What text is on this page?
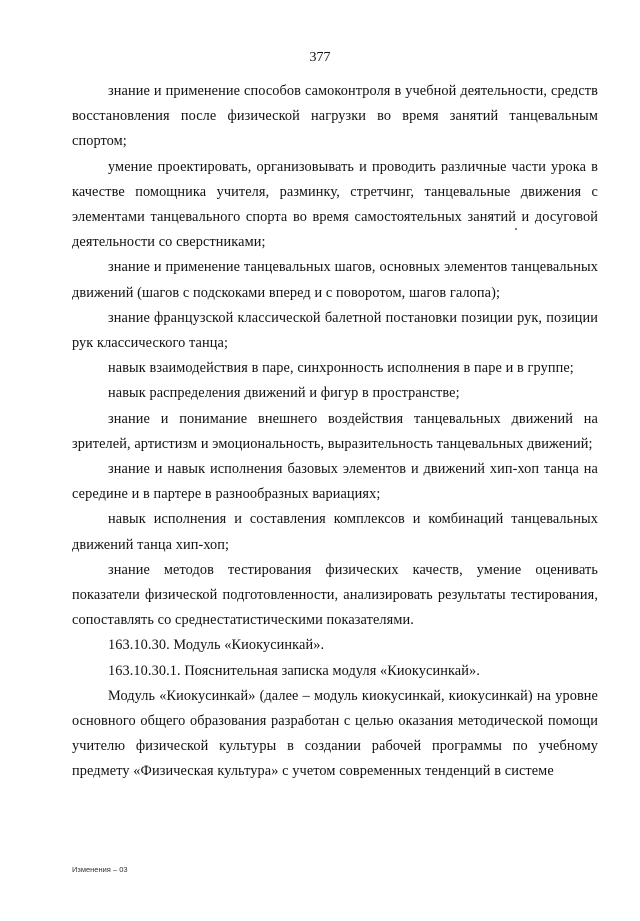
377

знание и применение способов самоконтроля в учебной деятельности, средств восстановления после физической нагрузки во время занятий танцевальным спортом;

умение проектировать, организовывать и проводить различные части урока в качестве помощника учителя, разминку, стретчинг, танцевальные движения с элементами танцевального спорта во время самостоятельных занятий и досуговой деятельности со сверстниками;

знание и применение танцевальных шагов, основных элементов танцевальных движений (шагов с подскоками вперед и с поворотом, шагов галопа);

знание французской классической балетной постановки позиции рук, позиции рук классического танца;

навык взаимодействия в паре, синхронность исполнения в паре и в группе;

навык распределения движений и фигур в пространстве;

знание и понимание внешнего воздействия танцевальных движений на зрителей, артистизм и эмоциональность, выразительность танцевальных движений;

знание и навык исполнения базовых элементов и движений хип-хоп танца на середине и в партере в разнообразных вариациях;

навык исполнения и составления комплексов и комбинаций танцевальных движений танца хип-хоп;

знание методов тестирования физических качеств, умение оценивать показатели физической подготовленности, анализировать результаты тестирования, сопоставлять со среднестатистическими показателями.

163.10.30. Модуль «Киокусинкай».

163.10.30.1. Пояснительная записка модуля «Киокусинкай».

Модуль «Киокусинкай» (далее – модуль киокусинкай, киокусинкай) на уровне основного общего образования разработан с целью оказания методической помощи учителю физической культуры в создании рабочей программы по учебному предмету «Физическая культура» с учетом современных тенденций в системе

Изменения – 03
